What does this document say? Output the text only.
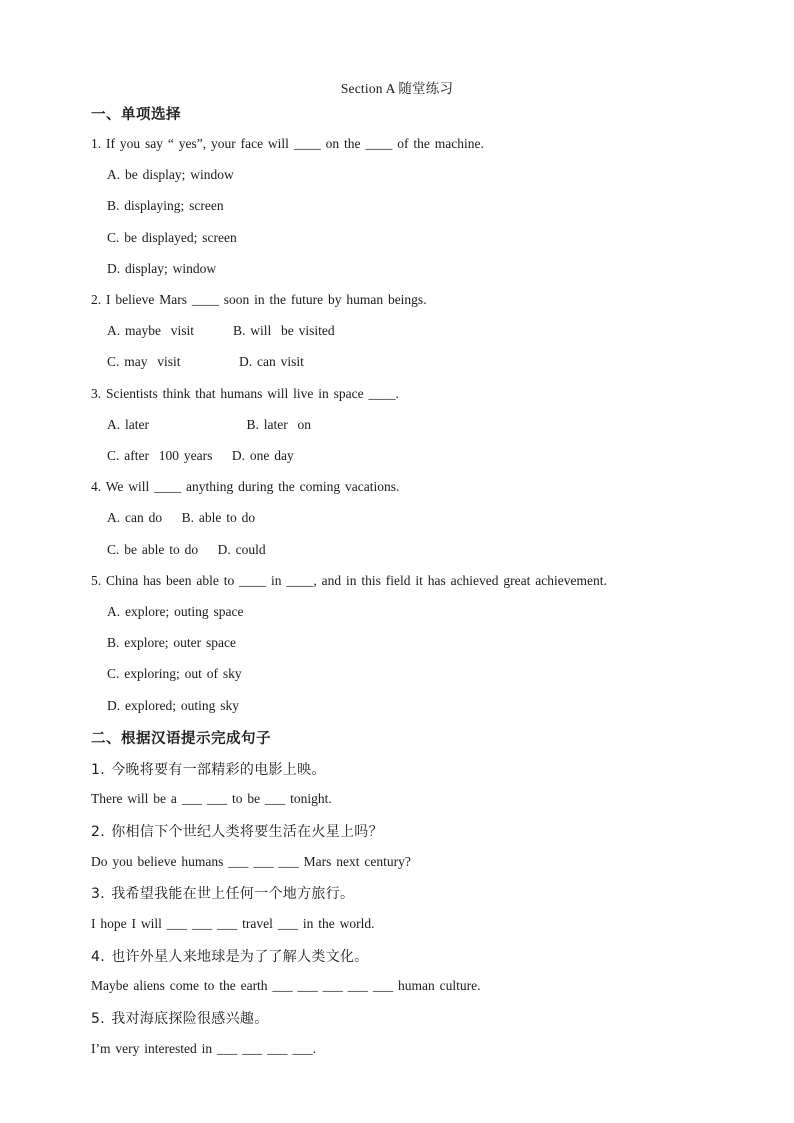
Section A 随堂练习
一、单项选择
1. If you say “ yes”, your face will ____ on the ____ of the machine.
A. be display; window
B. displaying; screen
C. be displayed; screen
D. display; window
2. I believe Mars ____ soon in the future by human beings.
A. maybe  visit        B. will  be visited
C. may  visit            D. can visit
3. Scientists think that humans will live in space ____.
A. later                    B. later  on
C. after  100 years    D. one day
4. We will ____ anything during the coming vacations.
A. can do    B. able to do
C. be able to do    D. could
5. China has been able to ____ in ____, and in this field it has achieved great achievement.
A. explore; outing space
B. explore; outer space
C. exploring; out of sky
D. explored; outing sky
二、根据汉语提示完成句子
1. 今晚将要有一部精彩的电影上映。
There will be a ___ ___ to be ___ tonight.
2. 你相信下个世纪人类将要生活在火星上吗？
Do you believe humans ___ ___ ___ Mars next century?
3. 我希望我能在世上任何一个地方旅行。
I hope I will ___ ___ ___ travel ___ in the world.
4. 也许外星人来地球是为了了解人类文化。
Maybe aliens come to the earth ___ ___ ___ ___ ___ human culture.
5. 我对海底探险很感兴趣。
I’m very interested in ___ ___ ___ ___.
